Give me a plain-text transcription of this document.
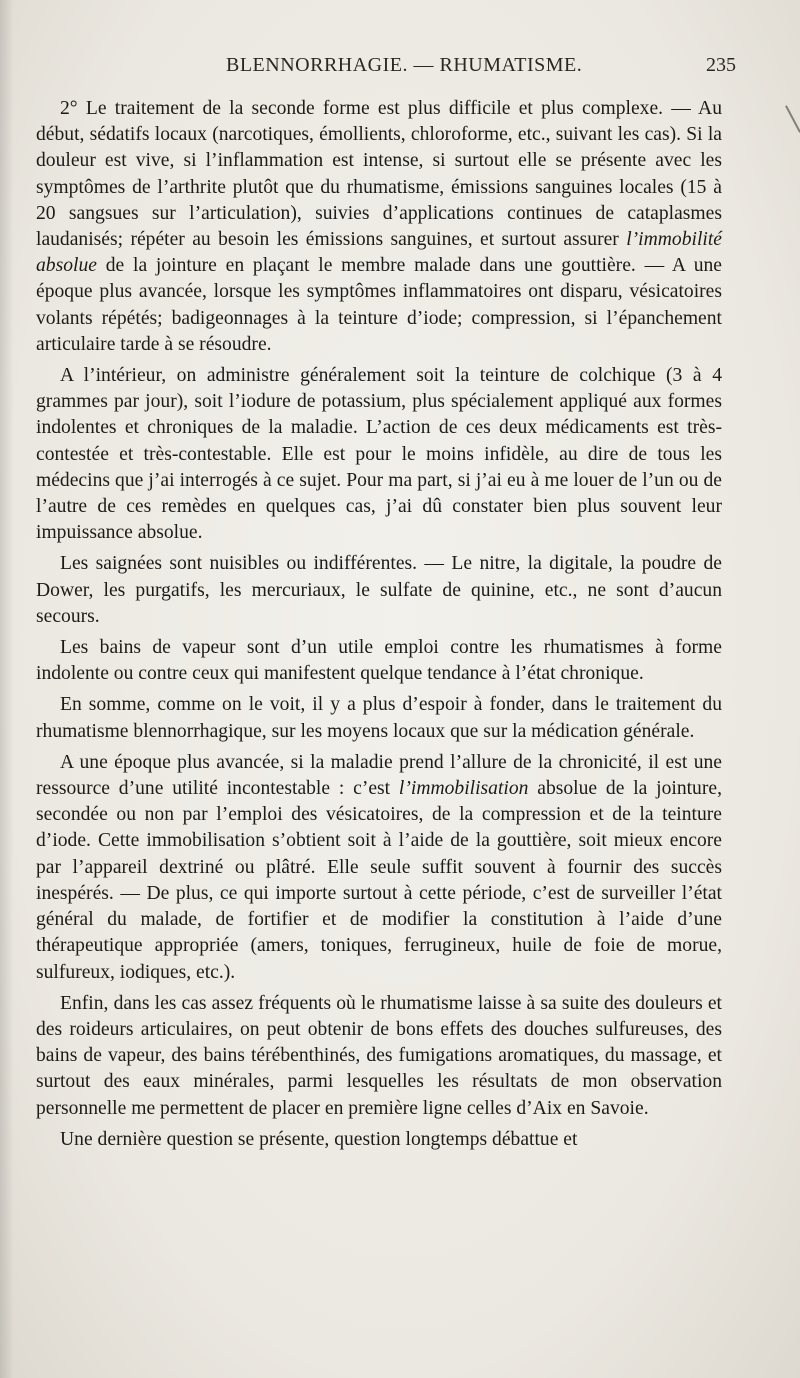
BLENNORRHAGIE. — RHUMATISME.	235

2° Le traitement de la seconde forme est plus difficile et plus complexe. — Au début, sédatifs locaux (narcotiques, émollients, chloroforme, etc., suivant les cas). Si la douleur est vive, si l’inflammation est intense, si surtout elle se présente avec les symptômes de l’arthrite plutôt que du rhumatisme, émissions sanguines locales (15 à 20 sangsues sur l’articulation), suivies d’applications continues de cataplasmes laudanisés; répéter au besoin les émissions sanguines, et surtout assurer l’immobilité absolue de la jointure en plaçant le membre malade dans une gouttière. — A une époque plus avancée, lorsque les symptômes inflammatoires ont disparu, vésicatoires volants répétés; badigeonnages à la teinture d’iode; compression, si l’épanchement articulaire tarde à se résoudre.

A l’intérieur, on administre généralement soit la teinture de colchique (3 à 4 grammes par jour), soit l’iodure de potassium, plus spécialement appliqué aux formes indolentes et chroniques de la maladie. L’action de ces deux médicaments est très-contestée et très-contestable. Elle est pour le moins infidèle, au dire de tous les médecins que j’ai interrogés à ce sujet. Pour ma part, si j’ai eu à me louer de l’un ou de l’autre de ces remèdes en quelques cas, j’ai dû constater bien plus souvent leur impuissance absolue.

Les saignées sont nuisibles ou indifférentes. — Le nitre, la digitale, la poudre de Dower, les purgatifs, les mercuriaux, le sulfate de quinine, etc., ne sont d’aucun secours.

Les bains de vapeur sont d’un utile emploi contre les rhumatismes à forme indolente ou contre ceux qui manifestent quelque tendance à l’état chronique.

En somme, comme on le voit, il y a plus d’espoir à fonder, dans le traitement du rhumatisme blennorrhagique, sur les moyens locaux que sur la médication générale.

A une époque plus avancée, si la maladie prend l’allure de la chronicité, il est une ressource d’une utilité incontestable : c’est l’immobilisation absolue de la jointure, secondée ou non par l’emploi des vésicatoires, de la compression et de la teinture d’iode. Cette immobilisation s’obtient soit à l’aide de la gouttière, soit mieux encore par l’appareil dextriné ou plâtré. Elle seule suffit souvent à fournir des succès inespérés. — De plus, ce qui importe surtout à cette période, c’est de surveiller l’état général du malade, de fortifier et de modifier la constitution à l’aide d’une thérapeutique appropriée (amers, toniques, ferrugineux, huile de foie de morue, sulfureux, iodiques, etc.).

Enfin, dans les cas assez fréquents où le rhumatisme laisse à sa suite des douleurs et des roideurs articulaires, on peut obtenir de bons effets des douches sulfureuses, des bains de vapeur, des bains térébenthinés, des fumigations aromatiques, du massage, et surtout des eaux minérales, parmi lesquelles les résultats de mon observation personnelle me permettent de placer en première ligne celles d’Aix en Savoie.

Une dernière question se présente, question longtemps débattue et
